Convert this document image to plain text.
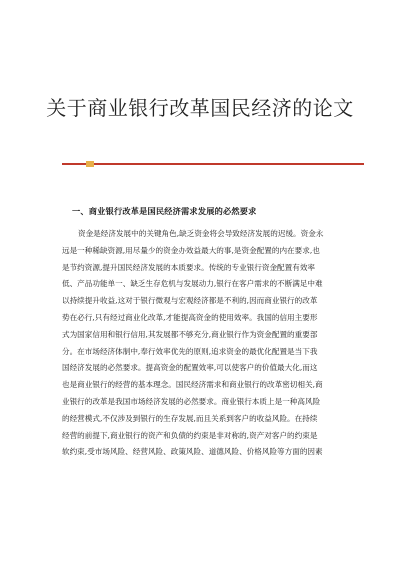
关于商业银行改革国民经济的论文
一、商业银行改革是国民经济需求发展的必然要求
资金是经济发展中的关键角色,缺乏资金将会导致经济发展的迟缓。资金永
远是一种稀缺资源,用尽量少的资金办效益最大的事,是资金配置的内在要求,也
是节约资源,提升国民经济发展的本质要求。传统的专业银行资金配置有效率
低、产品功能单一、缺乏生存危机与发展动力,银行在客户需求的不断满足中难
以持续提升收益,这对于银行微观与宏观经济都是不利的,因而商业银行的改革
势在必行,只有经过商业化改革,才能提高资金的使用效率。我国的信用主要形
式为国家信用和银行信用,其发展都不够充分,商业银行作为资金配置的重要部
分。在市场经济体制中,奉行效率优先的原则,追求资金的最优化配置是当下我
国经济发展的必然要求。提高资金的配置效率,可以使客户的价值最大化,而这
也是商业银行的经营的基本理念。国民经济需求和商业银行的改革密切相关,商
业银行的改革是我国市场经济发展的必然要求。商业银行本质上是一种高风险
的经营模式,不仅涉及到银行的生存发展,而且关系到客户的收益风险。在持续
经营的前提下,商业银行的资产和负债的约束是非对称的,资产对客户的约束是
软约束,受市场风险、经营风险、政策风险、道德风险、价格风险等方面的因素
